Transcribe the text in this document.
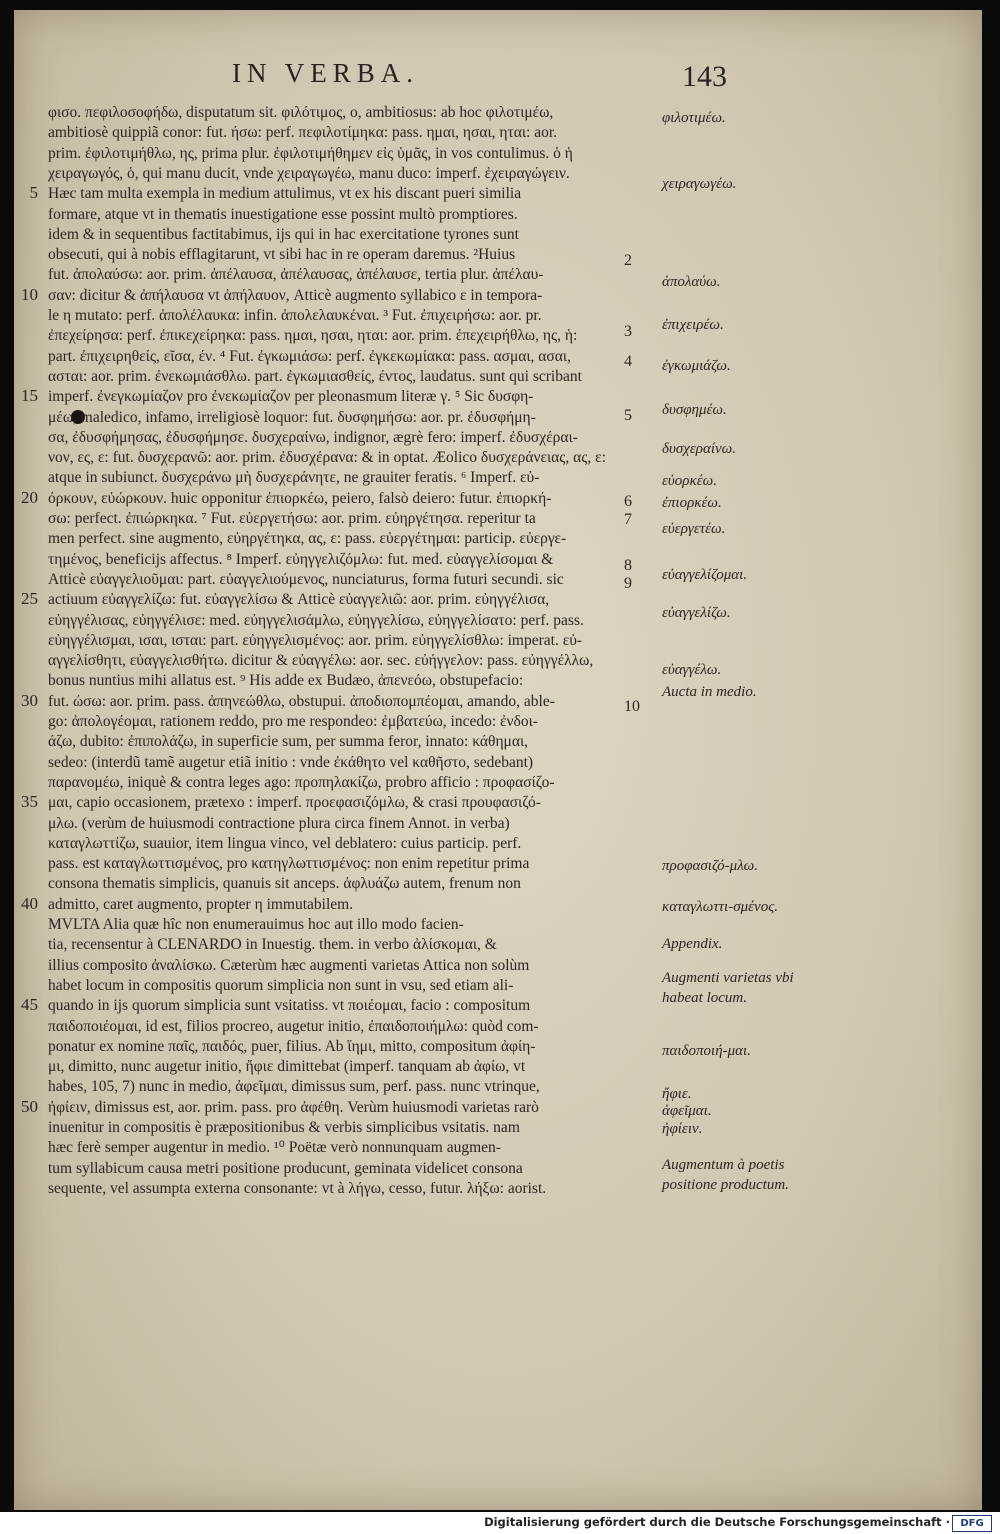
IN VERBA.	143
φισο. πεφιλοσοφήδω, disputatum sit. φιλότιμος, ο, ambitiosus: ab hoc φιλοτιμέω,
ambitiosè quippiã conor: fut. ήσω: perf. πεφιλοτίμηκα: pass. ημαι, ησαι, ηται: aor.
prim. ἐφιλοτιμήθλω, ης, prima plur. ἐφιλοτιμήθημεν εἰς ὑμᾶς, in vos contulimus. ὁ ἡ
χειραγωγός, ὁ, qui manu ducit, vnde χειραγωγέω, manu duco: imperf. ἐχειραγώγειν.
Hæc tam multa exempla in medium attulimus, vt ex his discant pueri similia
formare, atque vt in thematis inuestigatione esse possint multò promptiores.
idem & in sequentibus factitabimus, ijs qui in hac exercitatione tyrones sunt
obsecuti, qui à nobis efflagitarunt, vt sibi hac in re operam daremus. ²Huius
fut. ἀπολαύσω: aor. prim. ἀπέλαυσα, ἀπέλαυσας, ἀπέλαυσε, tertia plur. ἀπέλαυ-
σαν: dicitur & ἀπήλαυσα vt ἀπήλαυον, Atticè augmento syllabico ε in tempora-
le η mutato: perf. ἀπολέλαυκα: infin. ἀπολελαυκέναι. ³ Fut. ἐπιχειρήσω: aor. pr.
ἐπεχείρησα: perf. ἐπικεχείρηκα: pass. ημαι, ησαι, ηται: aor. prim. ἐπεχειρήθλω, ης, ἡ:
part. ἐπιχειρηθείς, εῖσα, έν. ⁴ Fut. ἐγκωμιάσω: perf. ἐγκεκωμίακα: pass. ασμαι, ασαι,
ασται: aor. prim. ἐνεκωμιάσθλω. part. ἐγκωμιασθείς, έντος, laudatus. sunt qui scribant
imperf. ἐνεγκωμίαζον pro ἐνεκωμίαζον per pleonasmum literæ γ. ⁵ Sic δυσφη-
μέω, maledico, infamo, irreligiosè loquor: fut. δυσφημήσω: aor. pr. ἐδυσφήμη-
σα, ἐδυσφήμησας, ἐδυσφήμησε. δυσχεραίνω, indignor, ægrè fero: imperf. ἐδυσχέραι-
νον, ες, ε: fut. δυσχερανῶ: aor. prim. ἐδυσχέρανα: & in optat. Æolico δυσχεράνειας, ας, ε:
atque in subiunct. δυσχεράνω μὴ δυσχεράνητε, ne grauiter feratis. ⁶ Imperf. εὐ-
όρκουν, εὐώρκουν. huic opponitur ἐπιορκέω, peiero, falsò deiero: futur. ἐπιορκή-
σω: perfect. ἐπιώρκηκα. ⁷ Fut. εὐεργετήσω: aor. prim. εὐηργέτησα. reperitur ta
men perfect. sine augmento, εὐηργέτηκα, ας, ε: pass. εὐεργέτημαι: particip. εὐεργε-
τημένος, beneficijs affectus. ⁸ Imperf. εὐηγγελιζόμλω: fut. med. εὐαγγελίσομαι &
Atticè εὐαγγελιοῦμαι: part. εὐαγγελιούμενος, nunciaturus, forma futuri secundi. sic
actiuum εὐαγγελίζω: fut. εὐαγγελίσω & Atticè εὐαγγελιῶ: aor. prim. εὐηγγέλισα,
εὐηγγέλισας, εὐηγγέλισε: med. εὐηγγελισάμλω, εὐηγγελίσω, εὐηγγελίσατο: perf. pass.
εὐηγγέλισμαι, ισαι, ισται: part. εὐηγγελισμένος: aor. prim. εὐηγγελίσθλω: imperat. εὐ-
αγγελίσθητι, εὐαγγελισθήτω. dicitur & εὐαγγέλω: aor. sec. εὐήγγελον: pass. εὐηγγέλλω,
bonus nuntius mihi allatus est. ⁹ His adde ex Budæo, ἀπενεόω, obstupefacio:
fut. ώσω: aor. prim. pass. ἀπηνεώθλω, obstupui. ἀποδιοπομπέομαι, amando, able-
go: ἀπολογέομαι, rationem reddo, pro me respondeo: ἐμβατεύω, incedo: ἐνδοι-
άζω, dubito: ἐπιπολάζω, in superficie sum, per summa feror, innato: κάθημαι,
sedeo: (interdũ tamẽ augetur etiã initio : vnde ἐκάθητο vel καθῆστο, sedebant)
παρανομέω, iniquè & contra leges ago: προπηλακίζω, probro afficio : προφασίζο-
μαι, capio occasionem, prætexo : imperf. προεφασιζόμλω, & crasi προυφασιζό-
μλω. (verùm de huiusmodi contractione plura circa finem Annot. in verba)
καταγλωττίζω, suauior, item lingua vinco, vel deblatero: cuius particip. perf.
pass. est καταγλωττισμένος, pro κατηγλωττισμένος: non enim repetitur prima
consona thematis simplicis, quanuis sit anceps. ἀφλυάζω autem, frenum non
admitto, caret augmento, propter η immutabilem.
MVLTA Alia quæ hîc non enumerauimus hoc aut illo modo facien-
tia, recensentur à CLENARDO in Inuestig. them. in verbo ἀλίσκομαι, &
illius composito ἀναλίσκω. Cæterùm hæc augmenti varietas Attica non solùm
habet locum in compositis quorum simplicia non sunt in vsu, sed etiam ali-
quando in ijs quorum simplicia sunt vsitatiss. vt ποιέομαι, facio : compositum
παιδοποιέομαι, id est, filios procreo, augetur initio, ἐπαιδοποιήμλω: quòd com-
ponatur ex nomine παῖς, παιδός, puer, filius. Ab ἵημι, mitto, compositum ἀφίη-
μι, dimitto, nunc augetur initio, ἤφιε dimittebat (imperf. tanquam ab ἀφίω, vt
habes, 105, 7) nunc in medio, ἀφεῖμαι, dimissus sum, perf. pass. nunc vtrinque,
ἠφίειν, dimissus est, aor. prim. pass. pro ἀφέθη. Verùm huiusmodi varietas rarò
inuenitur in compositis è præpositionibus & verbis simplicibus vsitatis. nam
hæc ferè semper augentur in medio. ¹⁰ Poëtæ verò nonnunquam augmen-
tum syllabicum causa metri positione producunt, geminata videlicet consona
sequente, vel assumpta externa consonante: vt à λήγω, cesso, futur. λήξω: aorist.
5
10
15
20
25
30
35
40
45
50
2
3
4
5
6
7
8
9
10
φιλοτιμέω.
χειραγωγέω.
ἀπολαύω.
ἐπιχειρέω.
ἐγκωμιάζω.
δυσφημέω.
δυσχεραίνω.
εὐορκέω.
ἐπιορκέω.
εὐεργετέω.
εὐαγγελίζομαι.
εὐαγγελίζω.
εὐαγγέλω.
Aucta in medio.
προφασιζό-μλω.
καταγλωττι-σμένος.
Appendix.
Augmenti varietas vbi habeat locum.
παιδοποιή-μαι.
ἤφιε.
ἀφεῖμαι.
ἠφίειν.
Augmentum à poetis positione productum.
Digitalisierung gefördert durch die Deutsche Forschungsgemeinschaft ·	DFG
